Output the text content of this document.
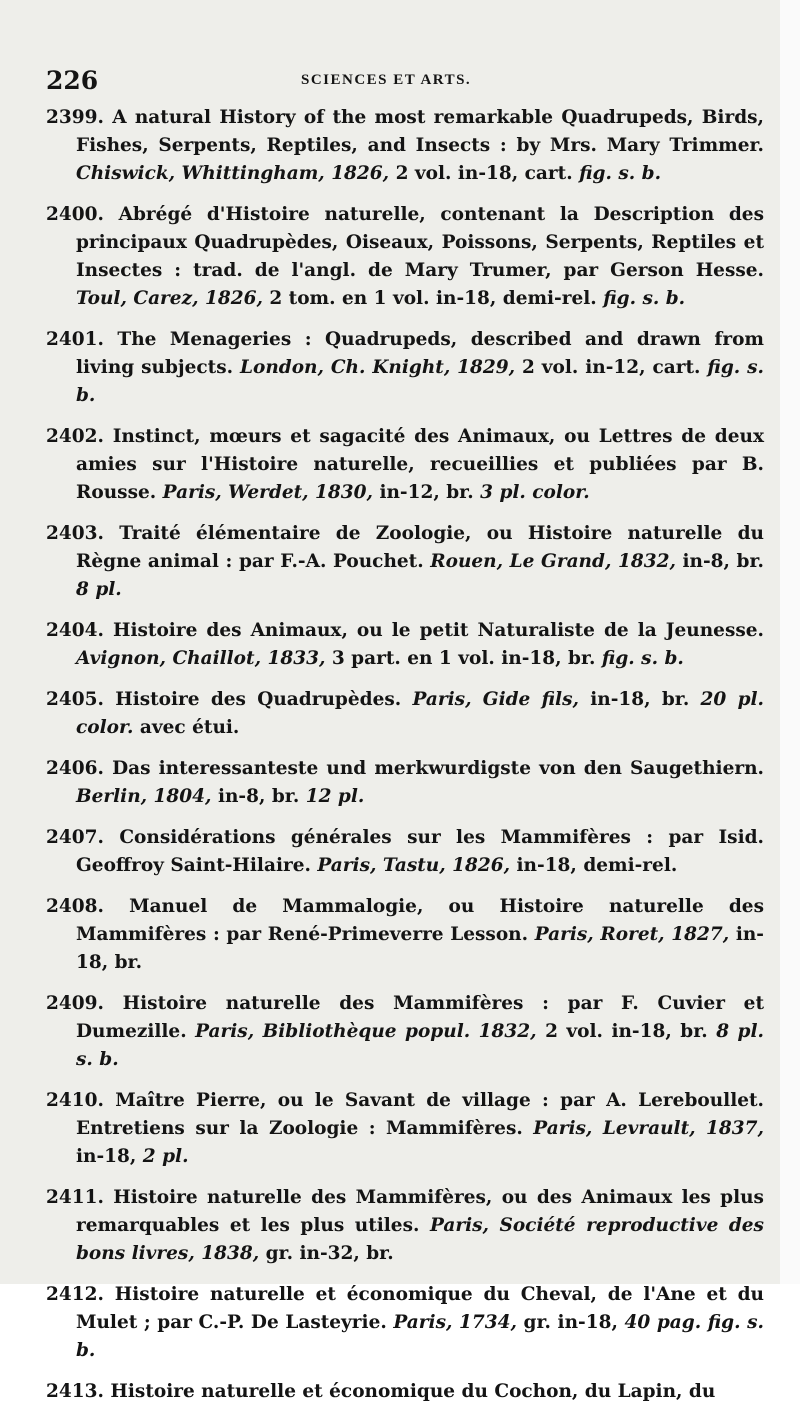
226	SCIENCES ET ARTS.
2399. A natural History of the most remarkable Quadrupeds, Birds, Fishes, Serpents, Reptiles, and Insects : by Mrs. Mary Trimmer. Chiswick, Whittingham, 1826, 2 vol. in-18, cart. fig. s. b.
2400. Abrégé d'Histoire naturelle, contenant la Description des principaux Quadrupèdes, Oiseaux, Poissons, Serpents, Reptiles et Insectes : trad. de l'angl. de Mary Trumer, par Gerson Hesse. Toul, Carez, 1826, 2 tom. en 1 vol. in-18, demi-rel. fig. s. b.
2401. The Menageries : Quadrupeds, described and drawn from living subjects. London, Ch. Knight, 1829, 2 vol. in-12, cart. fig. s. b.
2402. Instinct, mœurs et sagacité des Animaux, ou Lettres de deux amies sur l'Histoire naturelle, recueillies et publiées par B. Rousse. Paris, Werdet, 1830, in-12, br. 3 pl. color.
2403. Traité élémentaire de Zoologie, ou Histoire naturelle du Règne animal : par F.-A. Pouchet. Rouen, Le Grand, 1832, in-8, br. 8 pl.
2404. Histoire des Animaux, ou le petit Naturaliste de la Jeunesse. Avignon, Chaillot, 1833, 3 part. en 1 vol. in-18, br. fig. s. b.
2405. Histoire des Quadrupèdes. Paris, Gide fils, in-18, br. 20 pl. color. avec étui.
2406. Das interessanteste und merkwurdigste von den Saugethiern. Berlin, 1804, in-8, br. 12 pl.
2407. Considérations générales sur les Mammifères : par Isid. Geoffroy Saint-Hilaire. Paris, Tastu, 1826, in-18, demi-rel.
2408. Manuel de Mammalogie, ou Histoire naturelle des Mammifères : par René-Primeverre Lesson. Paris, Roret, 1827, in-18, br.
2409. Histoire naturelle des Mammifères : par F. Cuvier et Dumezille. Paris, Bibliothèque popul. 1832, 2 vol. in-18, br. 8 pl. s. b.
2410. Maître Pierre, ou le Savant de village : par A. Lereboullet. Entretiens sur la Zoologie : Mammifères. Paris, Levrault, 1837, in-18, 2 pl.
2411. Histoire naturelle des Mammifères, ou des Animaux les plus remarquables et les plus utiles. Paris, Société reproductive des bons livres, 1838, gr. in-32, br.
2412. Histoire naturelle et économique du Cheval, de l'Ane et du Mulet ; par C.-P. De Lasteyrie. Paris, 1734, gr. in-18, 40 pag. fig. s. b.
2413. Histoire naturelle et économique du Cochon, du Lapin, du
